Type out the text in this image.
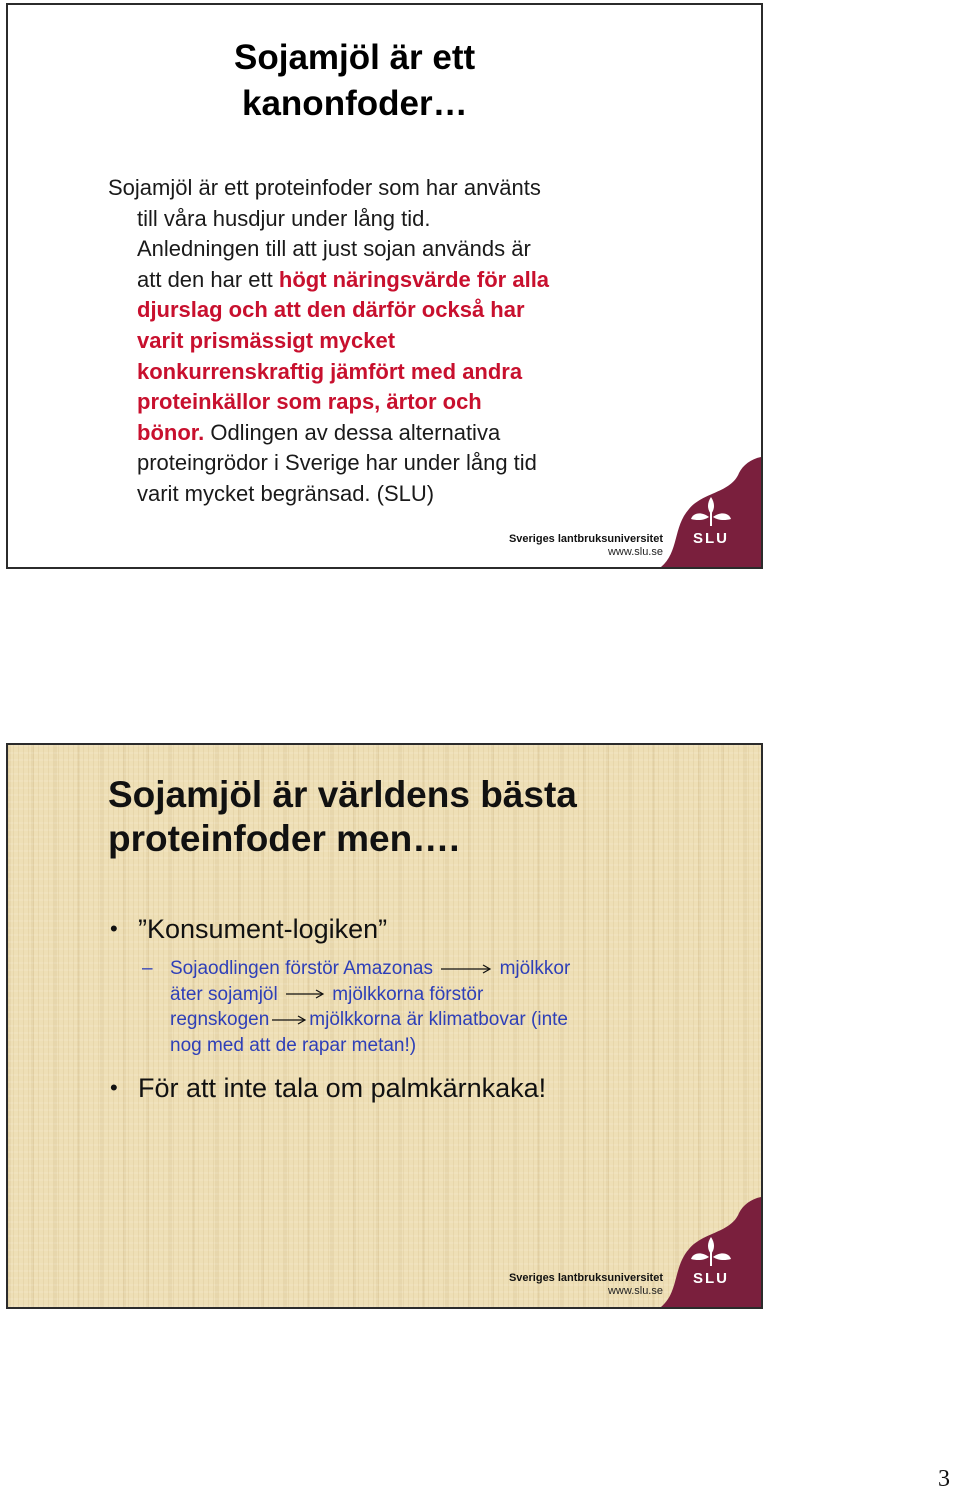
Sojamjöl är ett
kanonfoder…

Sojamjöl är ett proteinfoder som har använts
till våra husdjur under lång tid.
Anledningen till att just sojan används är
att den har ett högt näringsvärde för alla
djurslag och att den därför också har
varit prismässigt mycket
konkurrenskraftig jämfört med andra
proteinkällor som raps, ärtor och
bönor. Odlingen av dessa alternativa
proteingrödor i Sverige har under lång tid
varit mycket begränsad. (SLU)

Sveriges lantbruksuniversitet
www.slu.se
SLU
Sojamjöl är världens bästa
proteinfoder men….
• ”Konsument-logiken”
– Sojaodlingen förstör Amazonas	mjölkkor
äter sojamjöl	mjölkkorna förstör
regnskogen mjölkkorna är klimatbovar (inte
nog med att de rapar metan!)
• För att inte tala om palmkärnkaka!
Sveriges lantbruksuniversitet
www.slu.se
SLU
3
